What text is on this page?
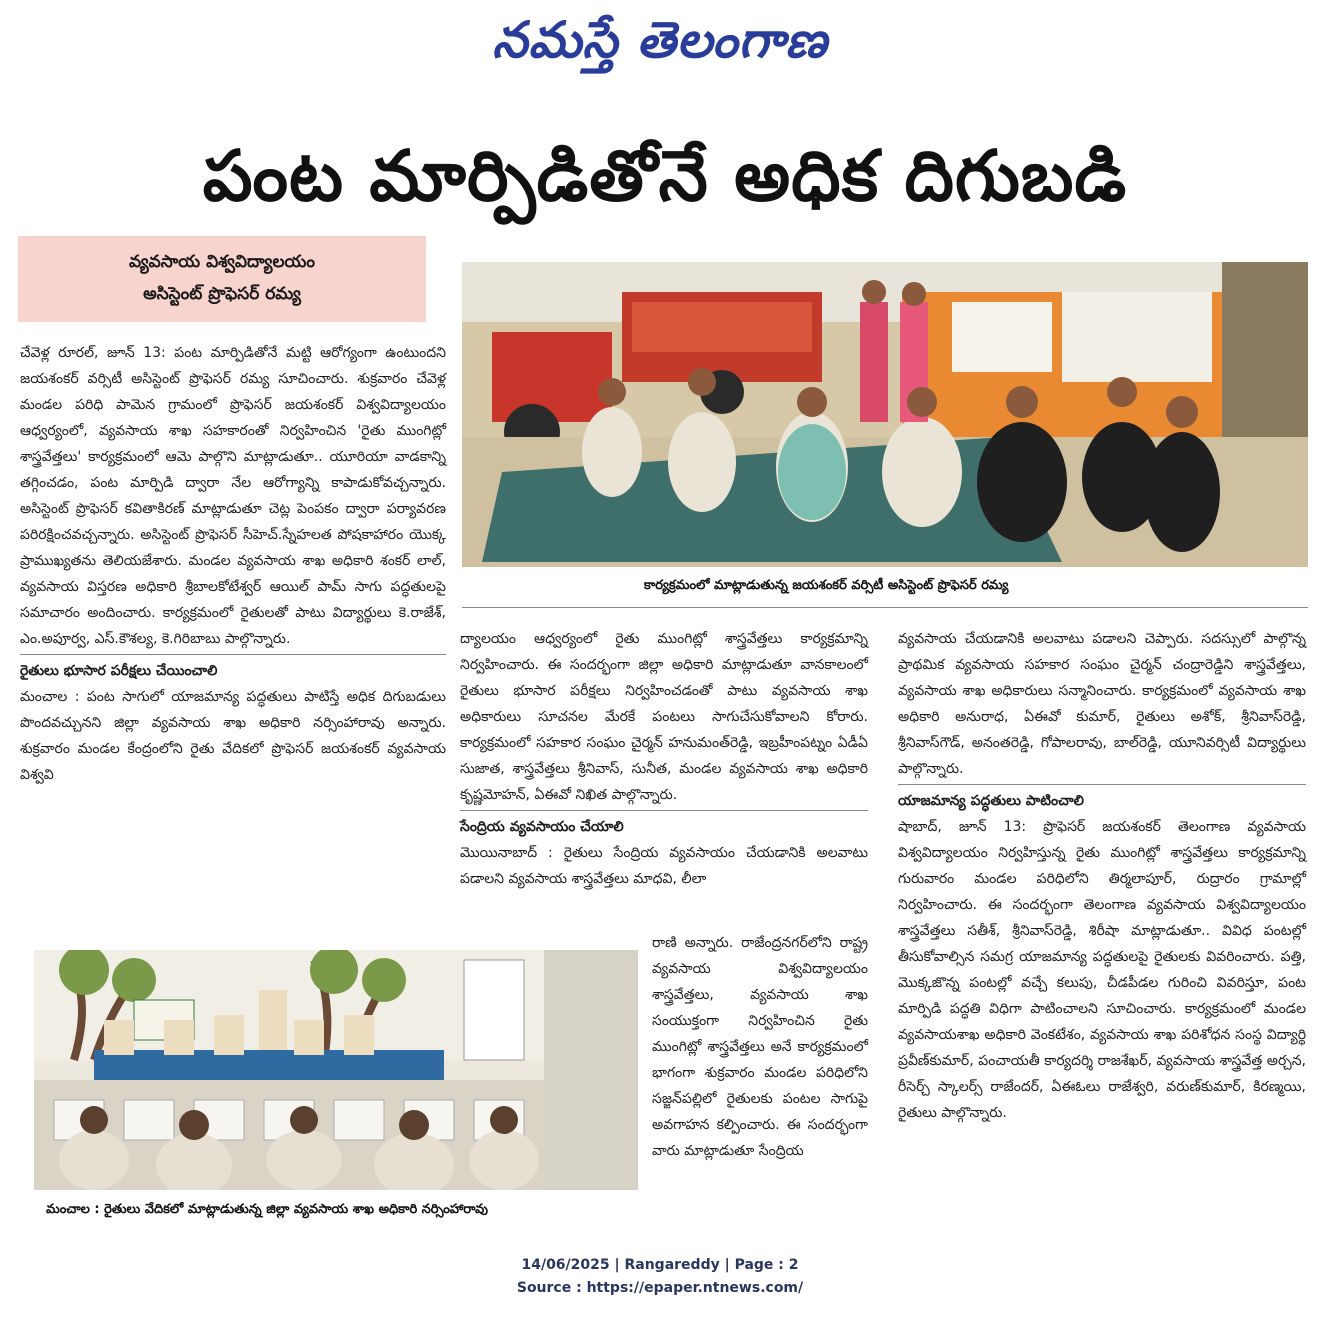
నమస్తే తెలంగాణ
పంట మార్పిడితోనే అధిక దిగుబడి
వ్యవసాయ విశ్వవిద్యాలయం
అసిస్టెంట్ ప్రొఫెసర్ రమ్య
కార్యక్రమంలో మాట్లాడుతున్న జయశంకర్ వర్సిటీ అసిస్టెంట్ ప్రొఫెసర్ రమ్య

చేవెళ్ల రూరల్, జూన్ 13: పంట మార్పిడితోనే మట్టి ఆరోగ్యంగా ఉంటుందని జయశంకర్ వర్సిటీ అసిస్టెంట్ ప్రొఫెసర్ రమ్య సూచించారు. శుక్రవారం చేవెళ్ల మండల పరిధి పామెన గ్రామంలో ప్రొఫెసర్ జయశంకర్ విశ్వవిద్యాలయం ఆధ్వర్యంలో, వ్యవసాయ శాఖ సహకారంతో నిర్వహించిన 'రైతు ముంగిట్లో శాస్త్రవేత్తలు' కార్యక్రమంలో ఆమె పాల్గొని మాట్లాడుతూ.. యూరియా వాడకాన్ని తగ్గించడం, పంట మార్పిడి ద్వారా నేల ఆరోగ్యాన్ని కాపాడుకోవచ్చన్నారు. అసిస్టెంట్ ప్రొఫెసర్ కవితాకిరణ్ మాట్లాడుతూ చెట్ల పెంపకం ద్వారా పర్యావరణ పరిరక్షించవచ్చన్నారు. అసిస్టెంట్ ప్రొఫెసర్ సీహెచ్.స్నేహలత పోషకాహారం యొక్క ప్రాముఖ్యతను తెలియజేశారు. మండల వ్యవసాయ శాఖ అధికారి శంకర్ లాల్, వ్యవసాయ విస్తరణ అధికారి శ్రీబాలకోటేశ్వర్ ఆయిల్ పామ్ సాగు పద్ధతులపై సమాచారం అందించారు. కార్యక్రమంలో రైతులతో పాటు విద్యార్థులు కె.రాజేశ్, ఎం.అపూర్వ, ఎస్.కౌశల్య, కె.గిరిబాబు పాల్గొన్నారు.

రైతులు భూసార పరీక్షలు చేయించాలి

మంచాల : పంట సాగులో యాజమాన్య పద్ధతులు పాటిస్తే అధిక దిగుబడులు పొందవచ్చునని జిల్లా వ్యవసాయ శాఖ అధికారి నర్సింహారావు అన్నారు. శుక్రవారం మండల కేంద్రంలోని రైతు వేదికలో ప్రొఫెసర్ జయశంకర్ వ్యవసాయ విశ్వవి

మంచాల : రైతులు వేదికలో మాట్లాడుతున్న జిల్లా వ్యవసాయ శాఖ అధికారి నర్సింహారావు

ద్యాలయం ఆధ్వర్యంలో రైతు ముంగిట్లో శాస్త్రవేత్తలు కార్యక్రమాన్ని నిర్వహించారు. ఈ సందర్భంగా జిల్లా అధికారి మాట్లాడుతూ వానకాలంలో రైతులు భూసార పరీక్షలు నిర్వహించడంతో పాటు వ్యవసాయ శాఖ అధికారులు సూచనల మేరకే పంటలు సాగుచేసుకోవాలని కోరారు. కార్యక్రమంలో సహకార సంఘం చైర్మన్ హనుమంత్‌రెడ్డి, ఇబ్రహీంపట్నం ఏడీఏ సుజాత, శాస్త్రవేత్తలు శ్రీనివాస్, సునీత, మండల వ్యవసాయ శాఖ అధికారి కృష్ణమోహన్, ఏఈవో నిఖిత పాల్గొన్నారు.

సేంద్రియ వ్యవసాయం చేయాలి

మొయినాబాద్ : రైతులు సేంద్రియ వ్యవసాయం చేయడానికి అలవాటు పడాలని వ్యవసాయ శాస్త్రవేత్తలు మాధవి, లీలా

రాణి అన్నారు. రాజేంద్రనగర్‌లోని రాష్ట్ర వ్యవసాయ విశ్వవిద్యాలయం శాస్త్రవేత్తలు, వ్యవసాయ శాఖ సంయుక్తంగా నిర్వహించిన రైతు ముంగిట్లో శాస్త్రవేత్తలు అనే కార్యక్రమంలో భాగంగా శుక్రవారం మండల పరిధిలోని సజ్జన్‌పల్లిలో రైతులకు పంటల సాగుపై అవగాహన కల్పించారు. ఈ సందర్భంగా వారు మాట్లాడుతూ సేంద్రియ

వ్యవసాయ చేయడానికి అలవాటు పడాలని చెప్పారు. సదస్సులో పాల్గొన్న ప్రాథమిక వ్యవసాయ సహకార సంఘం చైర్మన్ చంద్రారెడ్డిని శాస్త్రవేత్తలు, వ్యవసాయ శాఖ అధికారులు సన్మానించారు. కార్యక్రమంలో వ్యవసాయ శాఖ అధికారి అనురాధ, ఏఈవో కుమార్, రైతులు అశోక్, శ్రీనివాస్‌రెడ్డి, శ్రీనివాస్‌గౌడ్, అనంతరెడ్డి, గోపాలరావు, బాల్‌రెడ్డి, యూనివర్సిటీ విద్యార్థులు పాల్గొన్నారు.

యాజమాన్య పద్ధతులు పాటించాలి

షాబాద్, జూన్ 13: ప్రొఫెసర్ జయశంకర్ తెలంగాణ వ్యవసాయ విశ్వవిద్యాలయం నిర్వహిస్తున్న రైతు ముంగిట్లో శాస్త్రవేత్తలు కార్యక్రమాన్ని గురువారం మండల పరిధిలోని తిర్మలాపూర్, రుద్రారం గ్రామాల్లో నిర్వహించారు. ఈ సందర్భంగా తెలంగాణ వ్యవసాయ విశ్వవిద్యాలయం శాస్త్రవేత్తలు సతీశ్, శ్రీనివాస్‌రెడ్డి, శిరీషా మాట్లాడుతూ.. వివిధ పంటల్లో తీసుకోవాల్సిన సమగ్ర యాజమాన్య పద్ధతులపై రైతులకు వివరించారు. పత్తి, మొక్కజొన్న పంటల్లో వచ్చే కలుపు, చీడపీడల గురించి వివరిస్తూ, పంట మార్పిడి పద్ధతి విధిగా పాటించాలని సూచించారు. కార్యక్రమంలో మండల వ్యవసాయశాఖ అధికారి వెంకటేశం, వ్యవసాయ శాఖ పరిశోధన సంస్థ విద్యార్థి ప్రవీణ్‌కుమార్, పంచాయతీ కార్యదర్శి రాజశేఖర్, వ్యవసాయ శాస్త్రవేత్త అర్చన, రీసెర్చ్ స్కాలర్స్ రాజేందర్, ఏఈఓలు రాజేశ్వరి, వరుణ్‌కుమార్, కిరణ్మయి, రైతులు పాల్గొన్నారు.

14/06/2025 | Rangareddy | Page : 2
Source : https://epaper.ntnews.com/
